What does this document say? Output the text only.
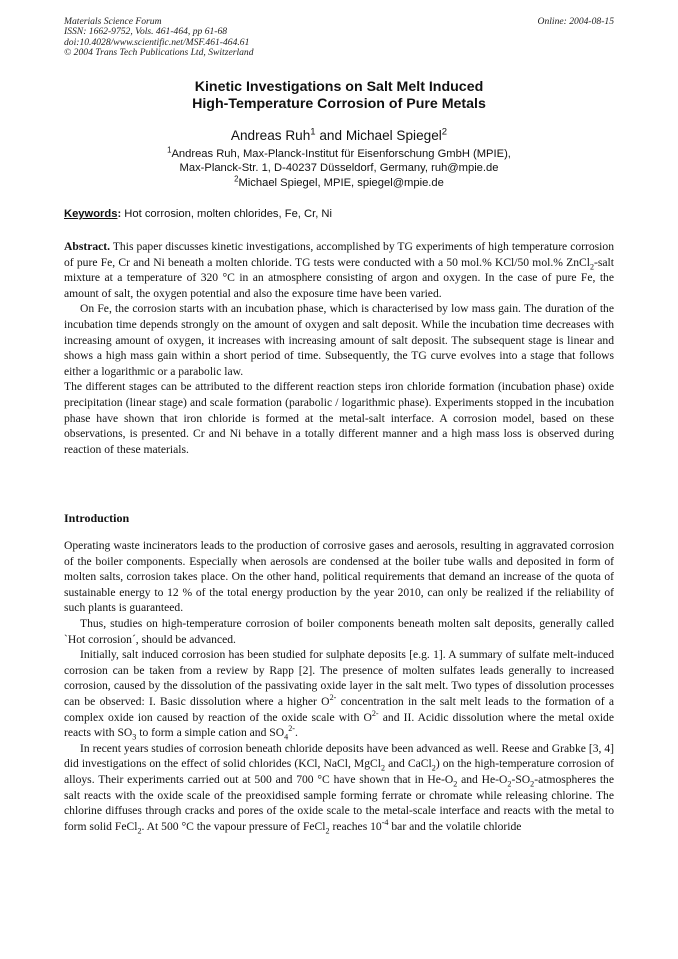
Materials Science Forum
ISSN: 1662-9752, Vols. 461-464, pp 61-68
doi:10.4028/www.scientific.net/MSF.461-464.61
© 2004 Trans Tech Publications Ltd, Switzerland
Online: 2004-08-15
Kinetic Investigations on Salt Melt Induced
High-Temperature Corrosion of Pure Metals
Andreas Ruh$^1$ and Michael Spiegel$^2$
$^1$Andreas Ruh, Max-Planck-Institut für Eisenforschung GmbH (MPIE),
Max-Planck-Str. 1, D-40237 Düsseldorf, Germany, ruh@mpie.de
$^2$Michael Spiegel, MPIE, spiegel@mpie.de
Keywords: Hot corrosion, molten chlorides, Fe, Cr, Ni

Abstract. This paper discusses kinetic investigations, accomplished by TG experiments of high temperature corrosion of pure Fe, Cr and Ni beneath a molten chloride. TG tests were conducted with a 50 mol.% KCl/50 mol.% ZnCl$_2$-salt mixture at a temperature of 320 °C in an atmosphere consisting of argon and oxygen. In the case of pure Fe, the amount of salt, the oxygen potential and also the exposure time have been varied.

On Fe, the corrosion starts with an incubation phase, which is characterised by low mass gain. The duration of the incubation time depends strongly on the amount of oxygen and salt deposit. While the incubation time decreases with increasing amount of oxygen, it increases with increasing amount of salt deposit. The subsequent stage is linear and shows a high mass gain within a short period of time. Subsequently, the TG curve evolves into a stage that follows either a logarithmic or a parabolic law.

The different stages can be attributed to the different reaction steps iron chloride formation (incubation phase) oxide precipitation (linear stage) and scale formation (parabolic / logarithmic phase). Experiments stopped in the incubation phase have shown that iron chloride is formed at the metal-salt interface. A corrosion model, based on these observations, is presented. Cr and Ni behave in a totally different manner and a high mass loss is observed during reaction of these materials.

Introduction

Operating waste incinerators leads to the production of corrosive gases and aerosols, resulting in aggravated corrosion of the boiler components. Especially when aerosols are condensed at the boiler tube walls and deposited in form of molten salts, corrosion takes place. On the other hand, political requirements that demand an increase of the quota of sustainable energy to 12 % of the total energy production by the year 2010, can only be realized if the reliability of such plants is guaranteed.

Thus, studies on high-temperature corrosion of boiler components beneath molten salt deposits, generally called `Hot corrosion´, should be advanced.

Initially, salt induced corrosion has been studied for sulphate deposits [e.g. 1]. A summary of sulfate melt-induced corrosion can be taken from a review by Rapp [2]. The presence of molten sulfates leads generally to increased corrosion, caused by the dissolution of the passivating oxide layer in the salt melt. Two types of dissolution processes can be observed: I. Basic dissolution where a higher $O^{2-}$ concentration in the salt melt leads to the formation of a complex oxide ion caused by reaction of the oxide scale with $O^{2-}$ and II. Acidic dissolution where the metal oxide reacts with $SO_3$ to form a simple cation and $SO_4^{2-}$.

In recent years studies of corrosion beneath chloride deposits have been advanced as well. Reese and Grabke [3, 4] did investigations on the effect of solid chlorides (KCl, NaCl, MgCl$_2$ and CaCl$_2$) on the high-temperature corrosion of alloys. Their experiments carried out at 500 and 700 °C have shown that in $He-O_2$ and $He-O_2-SO_2$-atmospheres the salt reacts with the oxide scale of the preoxidised sample forming ferrate or chromate while releasing chlorine. The chlorine diffuses through cracks and pores of the oxide scale to the metal-scale interface and reacts with the metal to form solid FeCl$_2$. At 500 °C the vapour pressure of FeCl$_2$ reaches $10^{-4}$ bar and the volatile chloride
